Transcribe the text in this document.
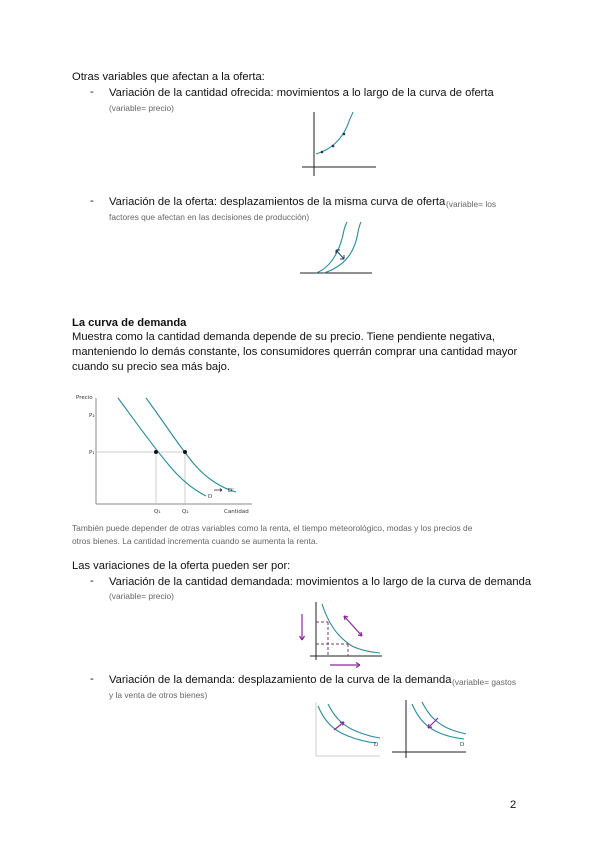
Otras variables que afectan a la oferta:
- Variación de la cantidad ofrecida: movimientos a lo largo de la curva de oferta
(variable= precio)
- Variación de la oferta: desplazamientos de la misma curva de oferta (variable= los
factores que afectan en las decisiones de producción)
La curva de demanda
Muestra como la cantidad demanda depende de su precio. Tiene pendiente negativa,
manteniendo lo demás constante, los consumidores querrán comprar una cantidad mayor
cuando su precio sea más bajo.
Precio
Cantidad
P₂
P₁
Q₁	Q₂
D
D'
También puede depender de otras variables como la renta, el tiempo meteorológico, modas y los precios de
otros bienes. La cantidad incrementa cuando se aumenta la renta.
Las variaciones de la oferta pueden ser por:
- Variación de la cantidad demandada: movimientos a lo largo de la curva de demanda
(variable= precio)
- Variación de la demanda: desplazamiento de la curva de la demanda (variable= gastos
y la venta de otros bienes)
D	D
2
